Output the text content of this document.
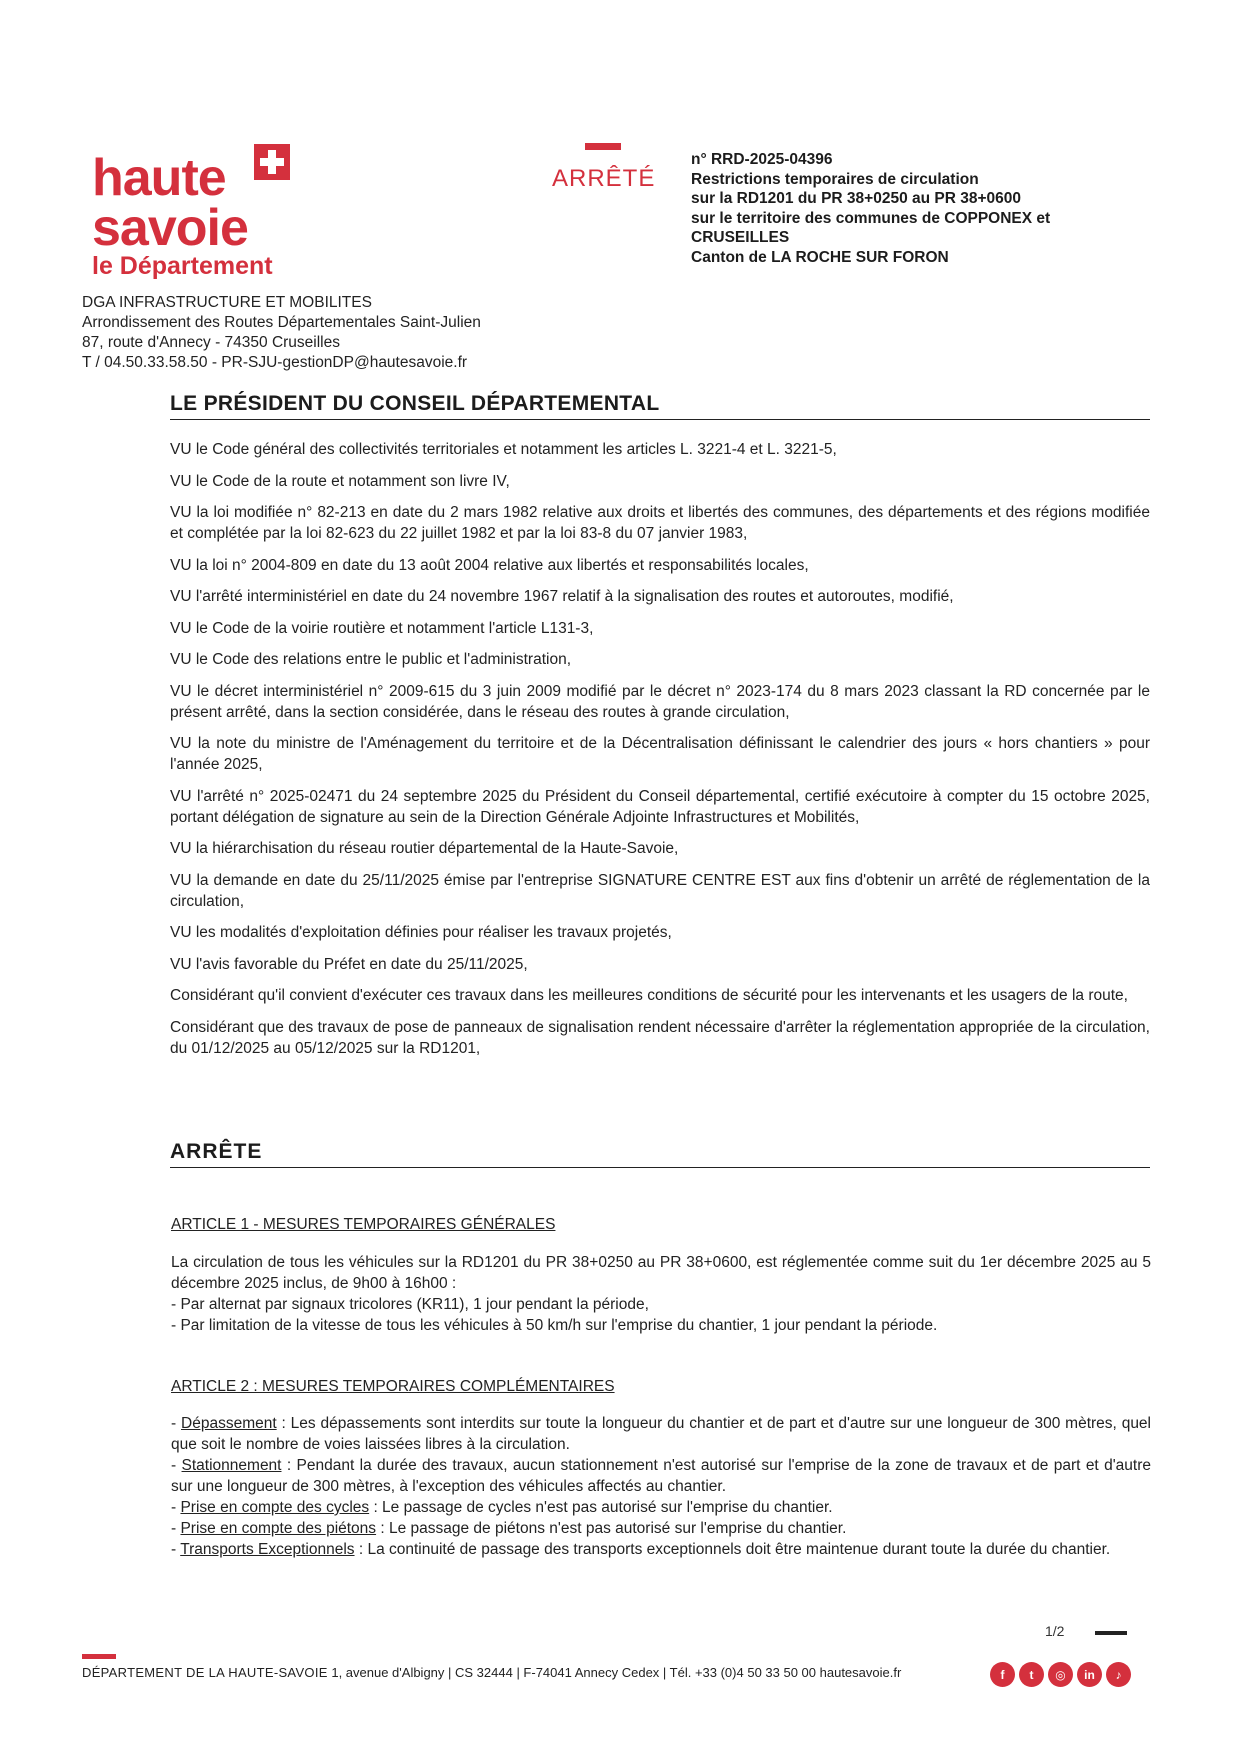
haute
savoie
le Département
ARRÊTÉ
n° RRD-2025-04396
Restrictions temporaires de circulation
sur la RD1201 du PR 38+0250 au PR 38+0600
sur le territoire des communes de COPPONEX et
CRUSEILLES
Canton de LA ROCHE SUR FORON
DGA INFRASTRUCTURE ET MOBILITES
Arrondissement des Routes Départementales Saint-Julien
87, route d'Annecy - 74350 Cruseilles
T / 04.50.33.58.50 - PR-SJU-gestionDP@hautesavoie.fr
LE PRÉSIDENT DU CONSEIL DÉPARTEMENTAL

VU le Code général des collectivités territoriales et notamment les articles L. 3221-4 et L. 3221-5,

VU le Code de la route et notamment son livre IV,

VU la loi modifiée n° 82-213 en date du 2 mars 1982 relative aux droits et libertés des communes, des départements et des régions modifiée et complétée par la loi 82-623 du 22 juillet 1982 et par la loi 83-8 du 07 janvier 1983,

VU la loi n° 2004-809 en date du 13 août 2004 relative aux libertés et responsabilités locales,

VU l'arrêté interministériel en date du 24 novembre 1967 relatif à la signalisation des routes et autoroutes, modifié,

VU le Code de la voirie routière et notamment l'article L131-3,

VU le Code des relations entre le public et l'administration,

VU le décret interministériel n° 2009-615 du 3 juin 2009 modifié par le décret n° 2023-174 du 8 mars 2023 classant la RD concernée par le présent arrêté, dans la section considérée, dans le réseau des routes à grande circulation,

VU la note du ministre de l'Aménagement du territoire et de la Décentralisation définissant le calendrier des jours « hors chantiers » pour l'année 2025,

VU l'arrêté n° 2025-02471 du 24 septembre 2025 du Président du Conseil départemental, certifié exécutoire à compter du 15 octobre 2025, portant délégation de signature au sein de la Direction Générale Adjointe Infrastructures et Mobilités,

VU la hiérarchisation du réseau routier départemental de la Haute-Savoie,

VU la demande en date du 25/11/2025 émise par l'entreprise SIGNATURE CENTRE EST aux fins d'obtenir un arrêté de réglementation de la circulation,

VU les modalités d'exploitation définies pour réaliser les travaux projetés,

VU l'avis favorable du Préfet en date du 25/11/2025,

Considérant qu'il convient d'exécuter ces travaux dans les meilleures conditions de sécurité pour les intervenants et les usagers de la route,

Considérant que des travaux de pose de panneaux de signalisation rendent nécessaire d'arrêter la réglementation appropriée de la circulation, du 01/12/2025 au 05/12/2025 sur la RD1201,

ARRÊTE
ARTICLE 1 - MESURES TEMPORAIRES GÉNÉRALES

La circulation de tous les véhicules sur la RD1201 du PR 38+0250 au PR 38+0600, est réglementée comme suit du 1er décembre 2025 au 5 décembre 2025 inclus, de 9h00 à 16h00 :

- Par alternat par signaux tricolores (KR11), 1 jour pendant la période,

- Par limitation de la vitesse de tous les véhicules à 50 km/h sur l'emprise du chantier, 1 jour pendant la période.

ARTICLE 2 : MESURES TEMPORAIRES COMPLÉMENTAIRES

- Dépassement : Les dépassements sont interdits sur toute la longueur du chantier et de part et d'autre sur une longueur de 300 mètres, quel que soit le nombre de voies laissées libres à la circulation.

- Stationnement : Pendant la durée des travaux, aucun stationnement n'est autorisé sur l'emprise de la zone de travaux et de part et d'autre sur une longueur de 300 mètres, à l'exception des véhicules affectés au chantier.

- Prise en compte des cycles : Le passage de cycles n'est pas autorisé sur l'emprise du chantier.

- Prise en compte des piétons : Le passage de piétons n'est pas autorisé sur l'emprise du chantier.

- Transports Exceptionnels : La continuité de passage des transports exceptionnels doit être maintenue durant toute la durée du chantier.

1/2
DÉPARTEMENT DE LA HAUTE-SAVOIE 1, avenue d'Albigny | CS 32444 | F-74041 Annecy Cedex | Tél. +33 (0)4 50 33 50 00 hautesavoie.fr	f	t	◎	in	♪
